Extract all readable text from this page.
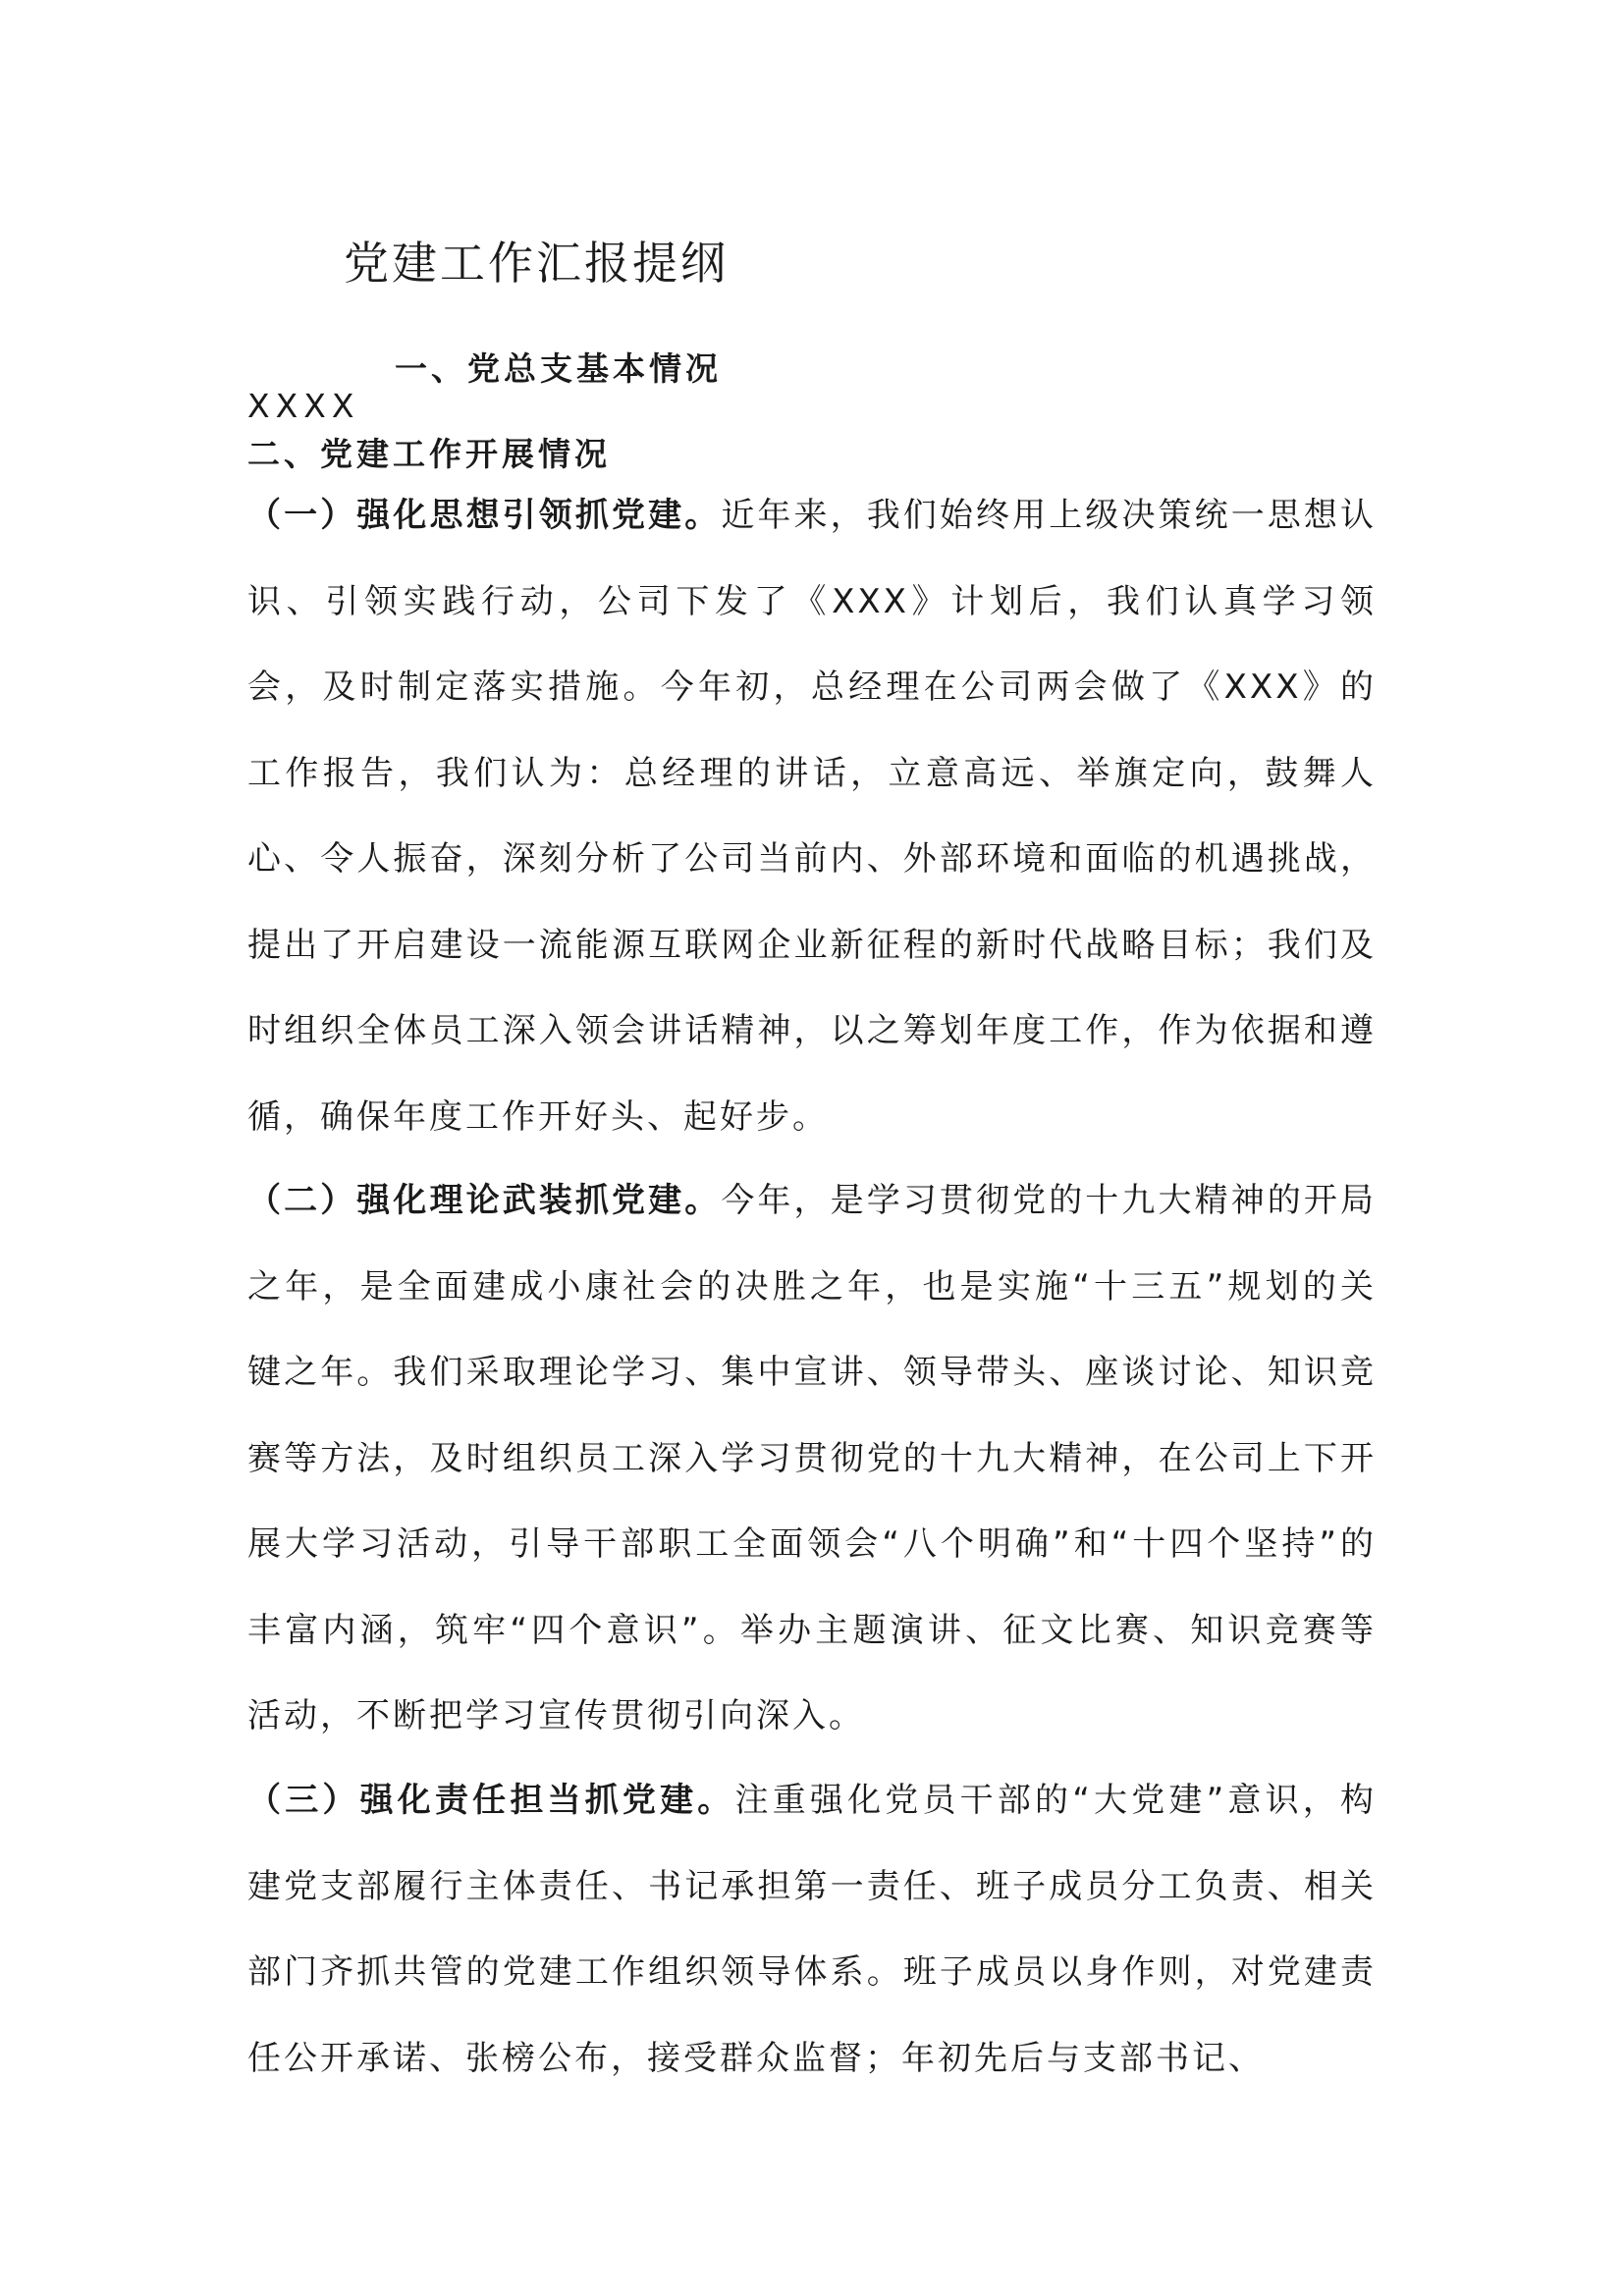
党建工作汇报提纲
一、党总支基本情况

XXXX

二、党建工作开展情况

（一）强化思想引领抓党建。近年来，我们始终用上级决策统一思想认识、引领实践行动，公司下发了《XXX》计划后，我们认真学习领会，及时制定落实措施。今年初，总经理在公司两会做了《XXX》的工作报告，我们认为：总经理的讲话，立意高远、举旗定向，鼓舞人心、令人振奋，深刻分析了公司当前内、外部环境和面临的机遇挑战，提出了开启建设一流能源互联网企业新征程的新时代战略目标；我们及时组织全体员工深入领会讲话精神，以之筹划年度工作，作为依据和遵循，确保年度工作开好头、起好步。

（二）强化理论武装抓党建。今年，是学习贯彻党的十九大精神的开局之年，是全面建成小康社会的决胜之年，也是实施“十三五”规划的关键之年。我们采取理论学习、集中宣讲、领导带头、座谈讨论、知识竞赛等方法，及时组织员工深入学习贯彻党的十九大精神，在公司上下开展大学习活动，引导干部职工全面领会“八个明确”和“十四个坚持”的丰富内涵，筑牢“四个意识”。举办主题演讲、征文比赛、知识竞赛等活动，不断把学习宣传贯彻引向深入。

（三）强化责任担当抓党建。注重强化党员干部的“大党建”意识，构建党支部履行主体责任、书记承担第一责任、班子成员分工负责、相关部门齐抓共管的党建工作组织领导体系。班子成员以身作则，对党建责任公开承诺、张榜公布，接受群众监督；年初先后与支部书记、
